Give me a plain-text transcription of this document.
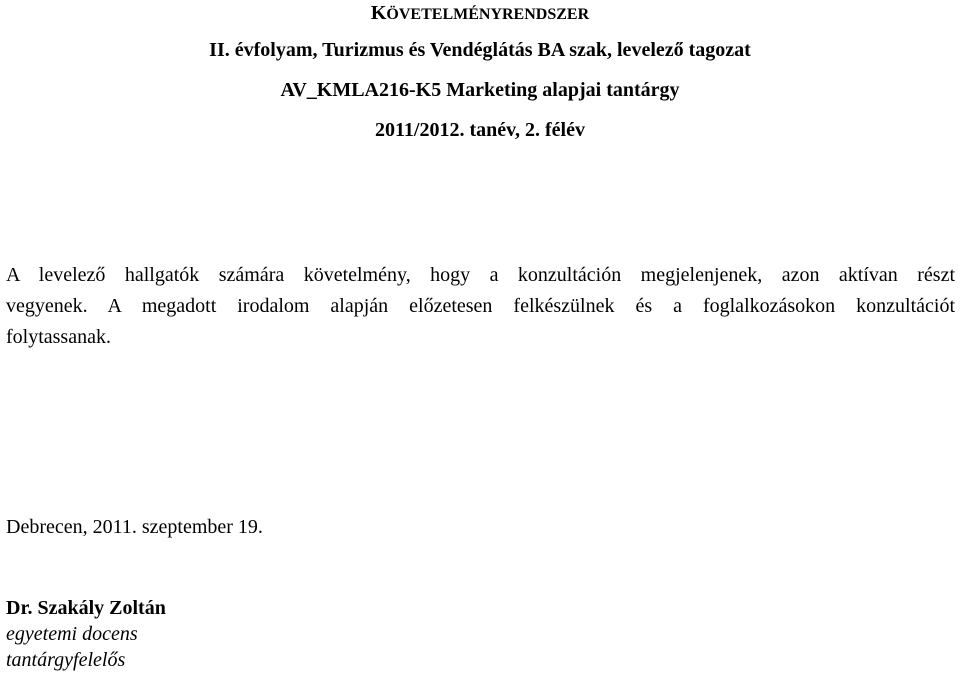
KÖVETELMÉNYRENDSZER
II. évfolyam, Turizmus és Vendéglátás BA szak, levelező tagozat
AV_KMLA216-K5 Marketing alapjai tantárgy
2011/2012. tanév, 2. félév
A levelező hallgatók számára követelmény, hogy a konzultáción megjelenjenek, azon aktívan részt
vegyenek. A megadott irodalom alapján előzetesen felkészülnek és a foglalkozásokon konzultációt
folytassanak.
Debrecen, 2011. szeptember 19.
Dr. Szakály Zoltán
egyetemi docens
tantárgyfelelős
